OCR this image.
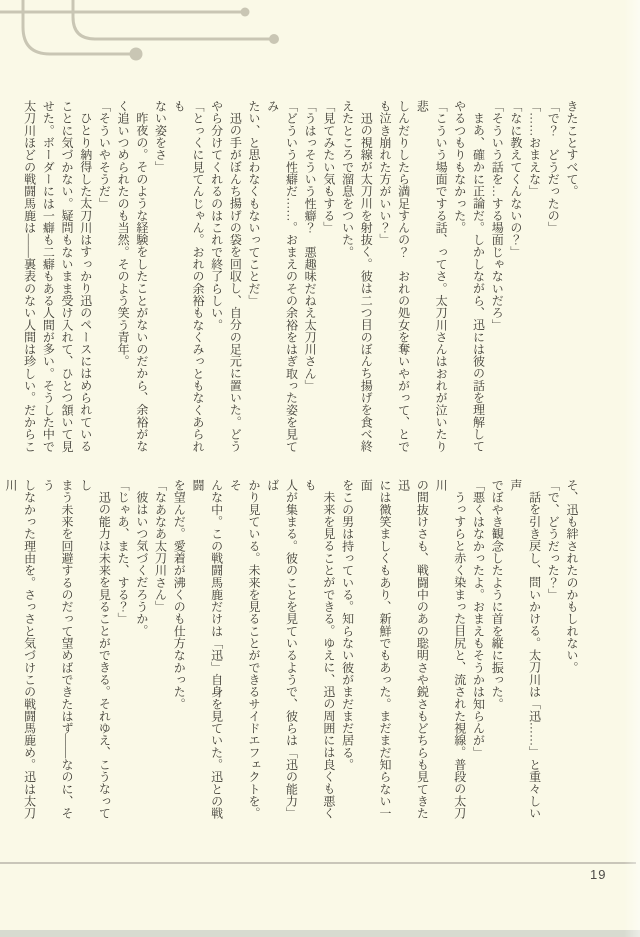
きたことすべて。

「で？　どうだったの」

「……おまえな」

「なに教えてくんないの？」

「そういう話を…する場面じゃないだろ」

まあ、確かに正論だ。しかしながら、迅には彼の話を理解して

やるつもりもなかった。

「こういう場面でする話、ってさ。太刀川さんはおれが泣いたり悲

しんだりしたら満足すんの？　おれの処女を奪いやがって、とで

も泣き崩れた方がいい？」

迅の視線が太刀川を射抜く。彼は二つ目のぼんち揚げを食べ終

えたところで溜息をついた。

「見てみたい気もする」

「うはっそういう性癖？　悪趣味だねえ太刀川さん」

「どういう性癖だ……。おまえのその余裕をはぎ取った姿を見てみ

たい、と思わなくもないってことだ」

迅の手がぼんち揚げの袋を回収し、自分の足元に置いた。どう

やら分けてくれるのはこれで終了らしい。

「とっくに見てんじゃん。おれの余裕もなくみっともなくあられも

ない姿をさ」

昨夜の。そのような経験をしたことがないのだから、余裕がな

く追いつめられたのも当然。そのよう笑う青年。

「そういやそうだ」

ひとり納得した太刀川はすっかり迅のペースにはめられている

ことに気づかない。疑問もないまま受け入れて、ひとつ頷いて見

せた。ボーダーには一癖も二癖もある人間が多い。そうした中で

太刀川ほどの戦闘馬鹿は――裏表のない人間は珍しい。だからこ

そ、迅も絆されたのかもしれない。

「で、どうだった？」

話を引き戻し、問いかける。太刀川は「迅……」と重々しい声

でぼやき観念したように首を縦に振った。

「悪くはなかったよ。おまえもそうかは知らんが」

うっすらと赤く染まった目尻と、流された視線。普段の太刀川

の間抜けさも、戦闘中のあの聡明さや鋭さもどちらも見てきた迅

には微笑ましくもあり、新鮮でもあった。まだまだ知らない一面

をこの男は持っている。知らない彼がまだまだ居る。

未来を見ることができる。ゆえに、迅の周囲には良くも悪くも

人が集まる。彼のことを見ているようで、彼らは「迅の能力」ば

かり見ている。未来を見ることができるサイドエフェクトを。そ

んな中。この戦闘馬鹿だけは「迅」自身を見ていた。迅との戦闘

を望んだ。愛着が沸くのも仕方なかった。

「なあなあ太刀川さん」

彼はいつ気づくだろうか。

「じゃあ、また、する？」

迅の能力は未来を見ることができる。それゆえ、こうなってし

まう未来を回避するのだって望めばできたはず――なのに、そう

しなかった理由を。さっさと気づけこの戦闘馬鹿め。迅は太刀川

19
